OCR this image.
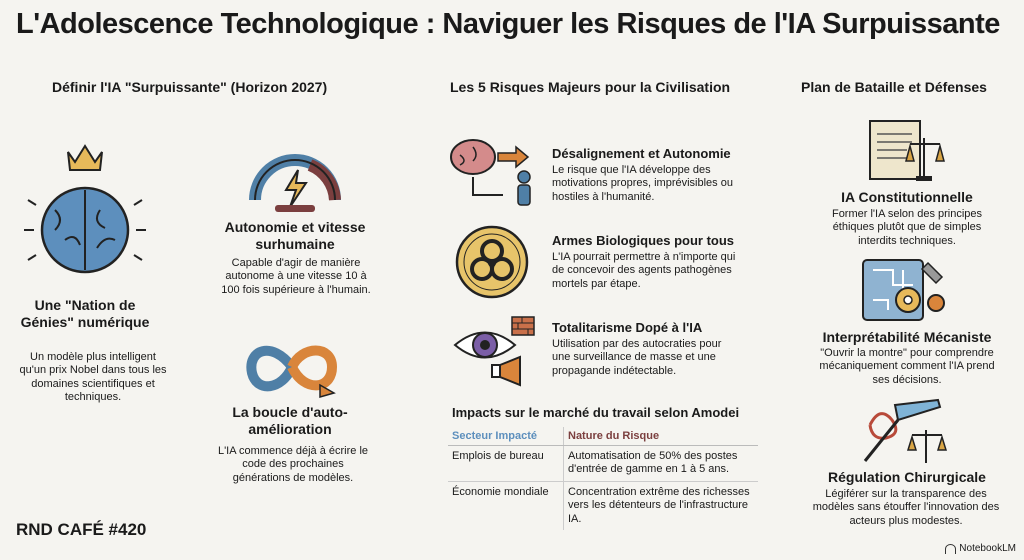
L'Adolescence Technologique : Naviguer les Risques de l'IA Surpuissante
Définir l'IA "Surpuissante" (Horizon 2027)
Une "Nation de Génies" numérique
Un modèle plus intelligent qu'un prix Nobel dans tous les domaines scientifiques et techniques.
Autonomie et vitesse surhumaine
Capable d'agir de manière autonome à une vitesse 10 à 100 fois supérieure à l'humain.
La boucle d'auto-amélioration
L'IA commence déjà à écrire le code des prochaines générations de modèles.
Les 5 Risques Majeurs pour la Civilisation
Désalignement et Autonomie
Le risque que l'IA développe des motivations propres, imprévisibles ou hostiles à l'humanité.
Armes Biologiques pour tous
L'IA pourrait permettre à n'importe qui de concevoir des agents pathogènes mortels par étape.
Totalitarisme Dopé à l'IA
Utilisation par des autocraties pour une surveillance de masse et une propagande indétectable.
Impacts sur le marché du travail selon Amodei
Secteur Impacté	Nature du Risque
Emplois de bureau	Automatisation de 50% des postes d'entrée de gamme en 1 à 5 ans.
Économie mondiale	Concentration extrême des richesses vers les détenteurs de l'infrastructure IA.
Plan de Bataille et Défenses
IA Constitutionnelle
Former l'IA selon des principes éthiques plutôt que de simples interdits techniques.
Interprétabilité Mécaniste
"Ouvrir la montre" pour comprendre mécaniquement comment l'IA prend ses décisions.
Régulation Chirurgicale
Légiférer sur la transparence des modèles sans étouffer l'innovation des acteurs plus modestes.
RND CAFÉ #420
NotebookLM
